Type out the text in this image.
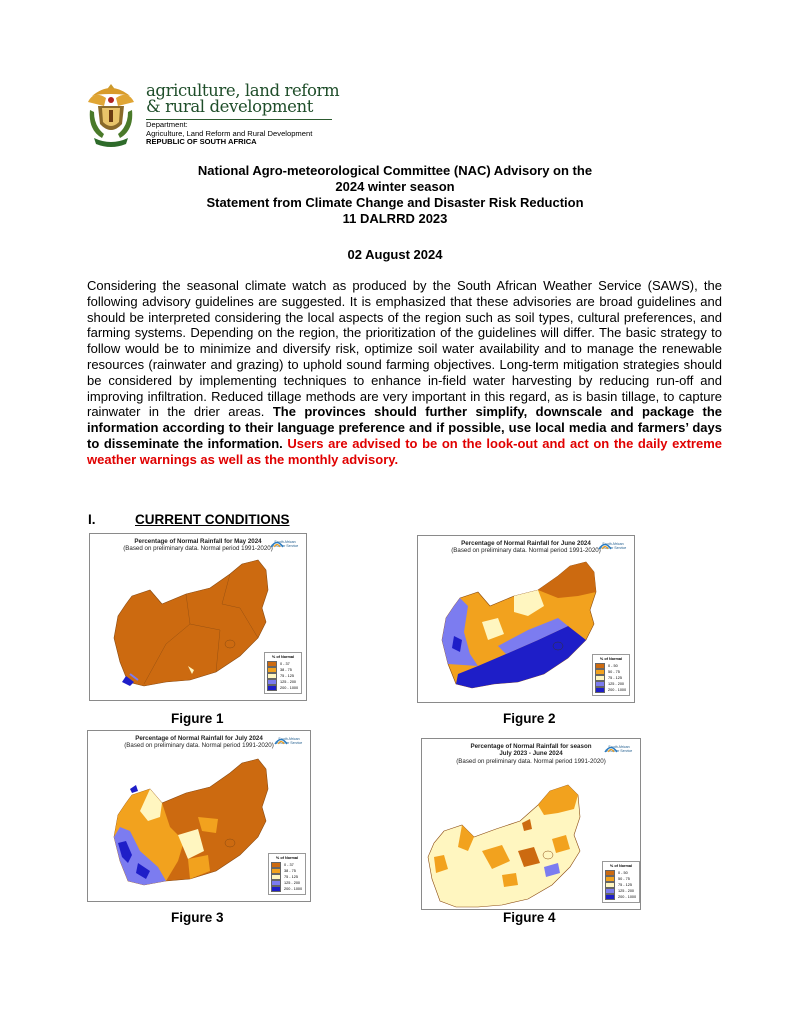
agriculture, land reform
& rural development
Department:
Agriculture, Land Reform and Rural Development
REPUBLIC OF SOUTH AFRICA
National Agro-meteorological Committee (NAC) Advisory on the
2024 winter season
Statement from Climate Change and Disaster Risk Reduction
11 DALRRD 2023
02 August 2024
Considering the seasonal climate watch as produced by the South African Weather Service (SAWS), the following advisory guidelines are suggested. It is emphasized that these advisories are broad guidelines and should be interpreted considering the local aspects of the region such as soil types, cultural preferences, and farming systems. Depending on the region, the prioritization of the guidelines will differ. The basic strategy to follow would be to minimize and diversify risk, optimize soil water availability and to manage the renewable resources (rainwater and grazing) to uphold sound farming objectives. Long-term mitigation strategies should be considered by implementing techniques to enhance in-field water harvesting by reducing run-off and improving infiltration. Reduced tillage methods are very important in this regard, as is basin tillage, to capture rainwater in the drier areas. The provinces should further simplify, downscale and package the information according to their language preference and if possible, use local media and farmers’ days to disseminate the information. Users are advised to be on the look-out and act on the daily extreme weather warnings as well as the monthly advisory.
I.	CURRENT CONDITIONS
Percentage of Normal Rainfall for May 2024
(Based on preliminary data. Normal period 1991-2020)
South African
Weather Service
% of Normal
0 - 37
38 - 75
75 - 125
125 - 200
200 - 1000
Figure 1
Percentage of Normal Rainfall for June 2024
(Based on preliminary data. Normal period 1991-2020)
South African
Weather Service
% of Normal
0 - 50
50 - 75
75 - 125
125 - 200
200 - 1000
Figure 2
Percentage of Normal Rainfall for July 2024
(Based on preliminary data. Normal period 1991-2020)
South African
Weather Service
% of Normal
0 - 37
38 - 75
75 - 125
125 - 200
200 - 1000
Figure 3
Percentage of Normal Rainfall for season
July 2023 - June 2024
(Based on preliminary data. Normal period 1991-2020)
South African
Weather Service
% of Normal
0 - 50
50 - 75
75 - 125
125 - 200
200 - 1000
Figure 4
